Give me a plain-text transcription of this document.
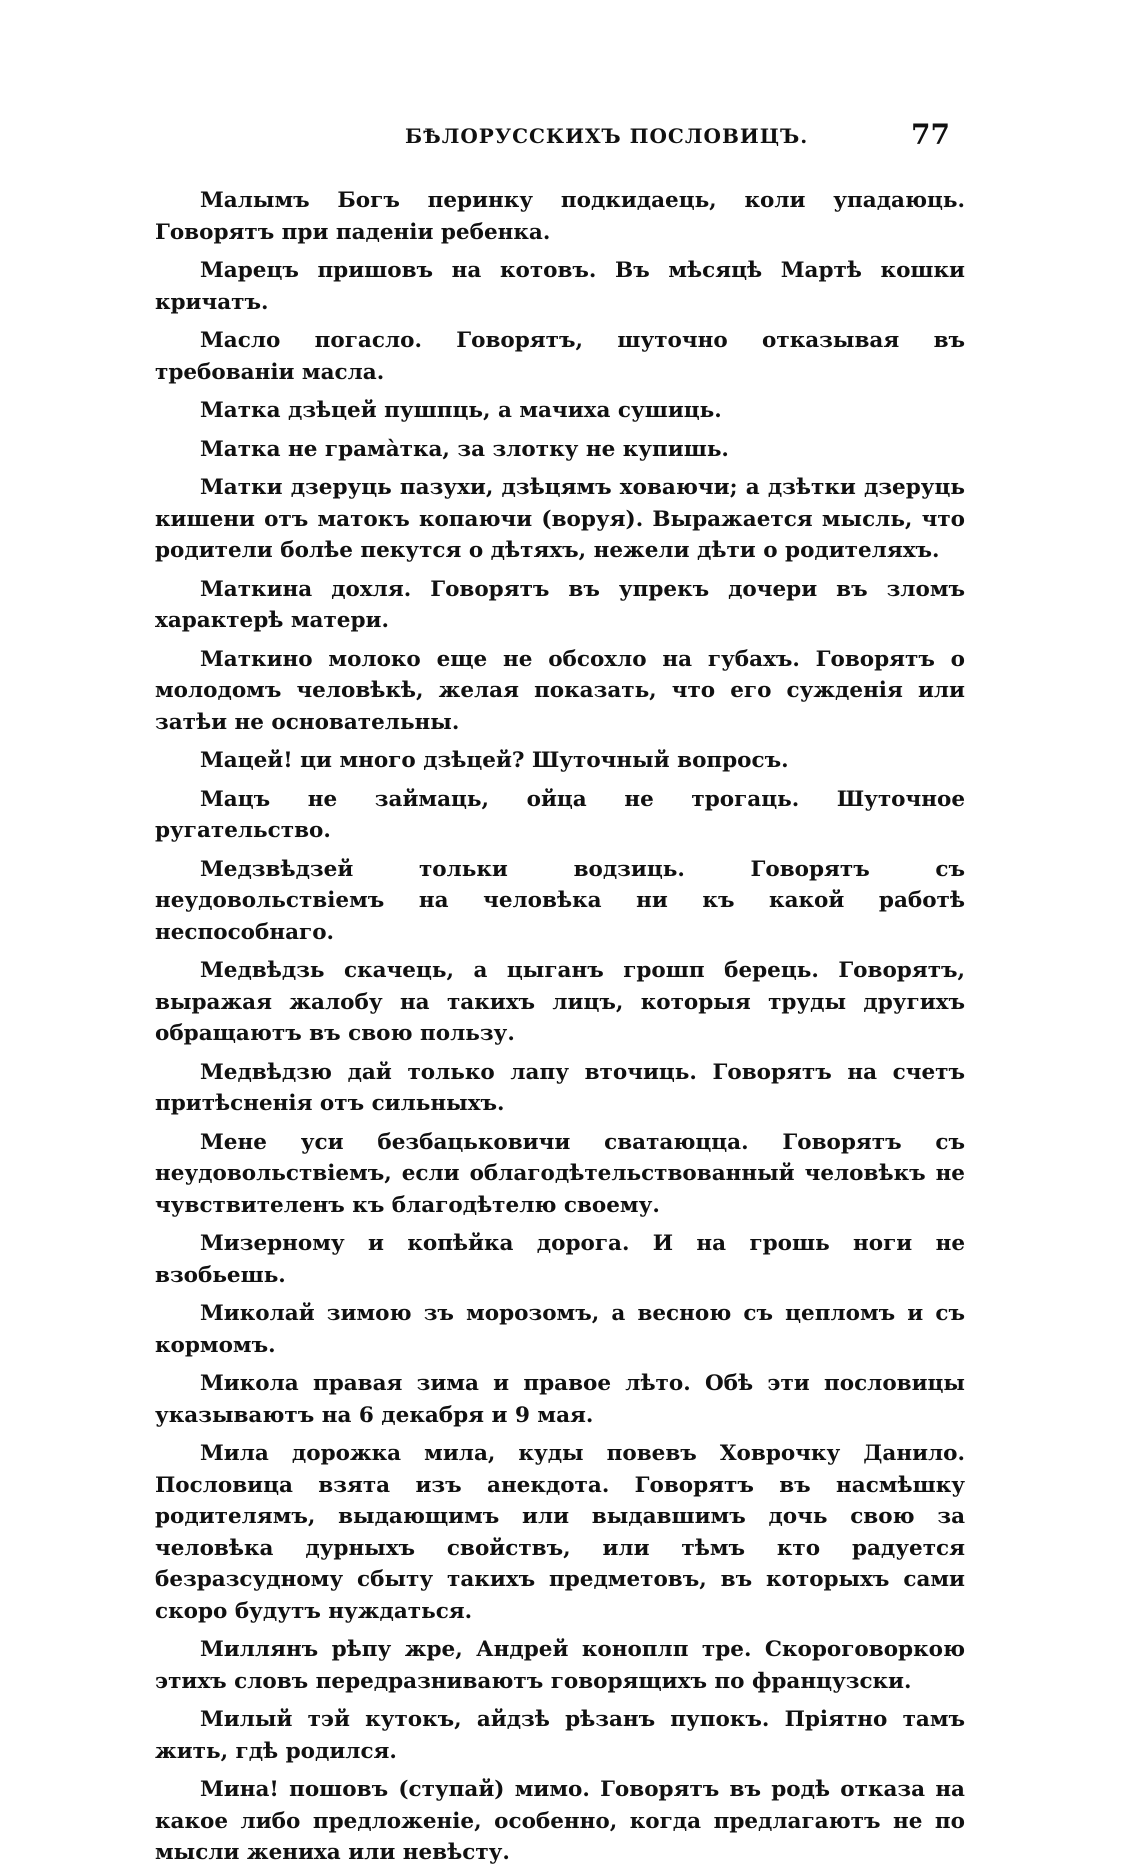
БѢЛОРУССКИХЪ ПОСЛОВИЦЪ.	77

Малымъ Богъ перинку подкидаець, коли упадаюць. Говорятъ при паденіи ребенка.

Марецъ пришовъ на котовъ. Въ мѣсяцѣ Мартѣ кошки кричатъ.

Масло погасло. Говорятъ, шуточно отказывая въ требованіи масла.

Матка дзѣцей пушпць, а мачиха сушиць.

Матка не грамàтка, за злотку не купишь.

Матки дзеруць пазухи, дзѣцямъ ховаючи; а дзѣтки дзеруць кишени отъ матокъ копаючи (воруя). Выражается мысль, что родители болѣе пекутся о дѣтяхъ, нежели дѣти о родителяхъ.

Маткина дохля. Говорятъ въ упрекъ дочери въ зломъ характерѣ матери.

Маткино молоко еще не обсохло на губахъ. Говорятъ о молодомъ человѣкѣ, желая показать, что его сужденія или затѣи не основательны.

Мацей! ци много дзѣцей? Шуточный вопросъ.

Мацъ не займаць, ойца не трогаць. Шуточное ругательство.

Медзвѣдзей тольки водзиць. Говорятъ съ неудовольствіемъ на человѣка ни къ какой работѣ неспособнаго.

Медвѣдзь скачець, а цыганъ грошп берець. Говорятъ, выражая жалобу на такихъ лицъ, которыя труды другихъ обращаютъ въ свою пользу.

Медвѣдзю дай только лапу вточиць. Говорятъ на счетъ притѣсненія отъ сильныхъ.

Мене уси безбацьковичи сватаюцца. Говорятъ съ неудовольствіемъ, если облагодѣтельствованный человѣкъ не чувствителенъ къ благодѣтелю своему.

Мизерному и копѣйка дорога. И на грошь ноги не взобьешь.

Миколай зимою зъ морозомъ, а весною съ цепломъ и съ кормомъ.

Микола правая зима и правое лѣто. Обѣ эти пословицы указываютъ на 6 декабря и 9 мая.

Мила дорожка мила, куды повевъ Ховрочку Данило. Пословица взята изъ анекдота. Говорятъ въ насмѣшку родителямъ, выдающимъ или выдавшимъ дочь свою за человѣка дурныхъ свойствъ, или тѣмъ кто радуется безразсудному сбыту такихъ предметовъ, въ которыхъ сами скоро будутъ нуждаться.

Миллянъ рѣпу жре, Андрей коноплп тре. Скороговоркою этихъ словъ передразниваютъ говорящихъ по французски.

Милый тэй кутокъ, айдзѣ рѣзанъ пупокъ. Пріятно тамъ жить, гдѣ родился.

Мина! пошовъ (ступай) мимо. Говорятъ въ родѣ отказа на какое либо предложеніе, особенно, когда предлагаютъ не по мысли жениха или невѣсту.
